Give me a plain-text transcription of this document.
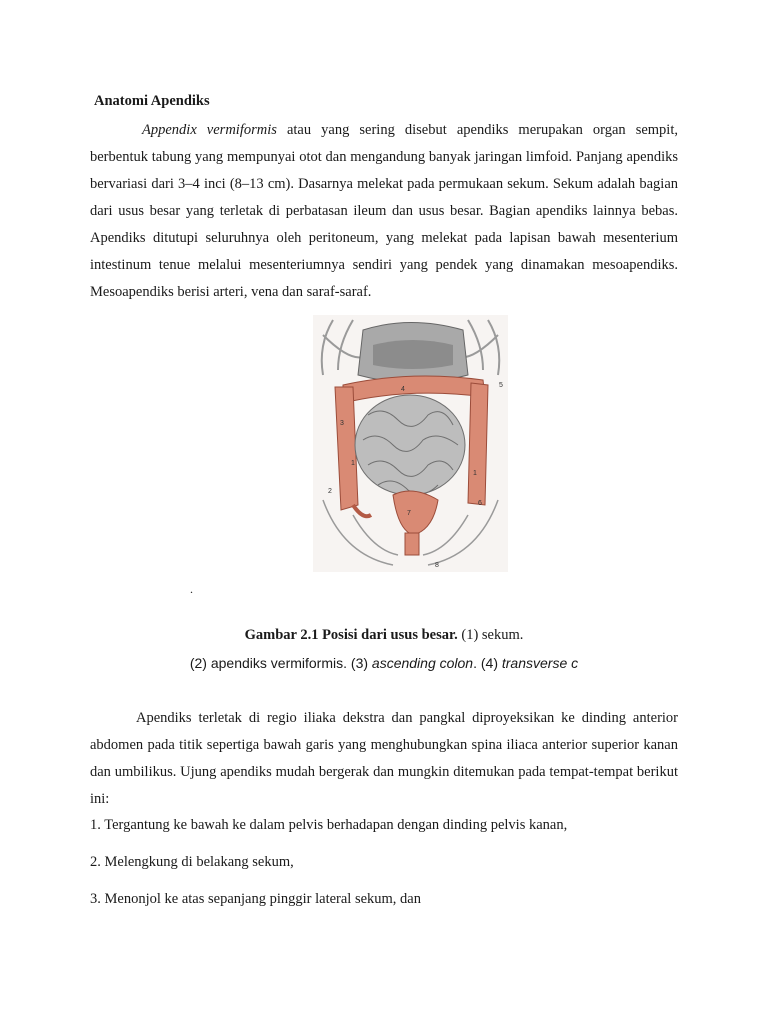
Anatomi Apendiks
Appendix vermiformis atau yang sering disebut apendiks merupakan organ sempit, berbentuk tabung yang mempunyai otot dan mengandung banyak jaringan limfoid. Panjang apendiks bervariasi dari 3–4 inci (8–13 cm). Dasarnya melekat pada permukaan sekum. Sekum adalah bagian dari usus besar yang terletak di perbatasan ileum dan usus besar. Bagian apendiks lainnya bebas. Apendiks ditutupi seluruhnya oleh peritoneum, yang melekat pada lapisan bawah mesenterium intestinum tenue melalui mesenteriumnya sendiri yang pendek yang dinamakan mesoapendiks. Mesoapendiks berisi arteri, vena dan saraf-saraf.
1
2
3
4
5
6
7
1
8
.
Gambar 2.1 Posisi dari usus besar. (1) sekum.
(2) apendiks vermiformis. (3) ascending colon. (4) transverse c
Apendiks terletak di regio iliaka dekstra dan pangkal diproyeksikan ke dinding anterior abdomen pada titik sepertiga bawah garis yang menghubungkan spina iliaca anterior superior kanan dan umbilikus. Ujung apendiks mudah bergerak dan mungkin ditemukan pada tempat-tempat berikut ini:
1. Tergantung ke bawah ke dalam pelvis berhadapan dengan dinding pelvis kanan,
2. Melengkung di belakang sekum,
3. Menonjol ke atas sepanjang pinggir lateral sekum, dan
